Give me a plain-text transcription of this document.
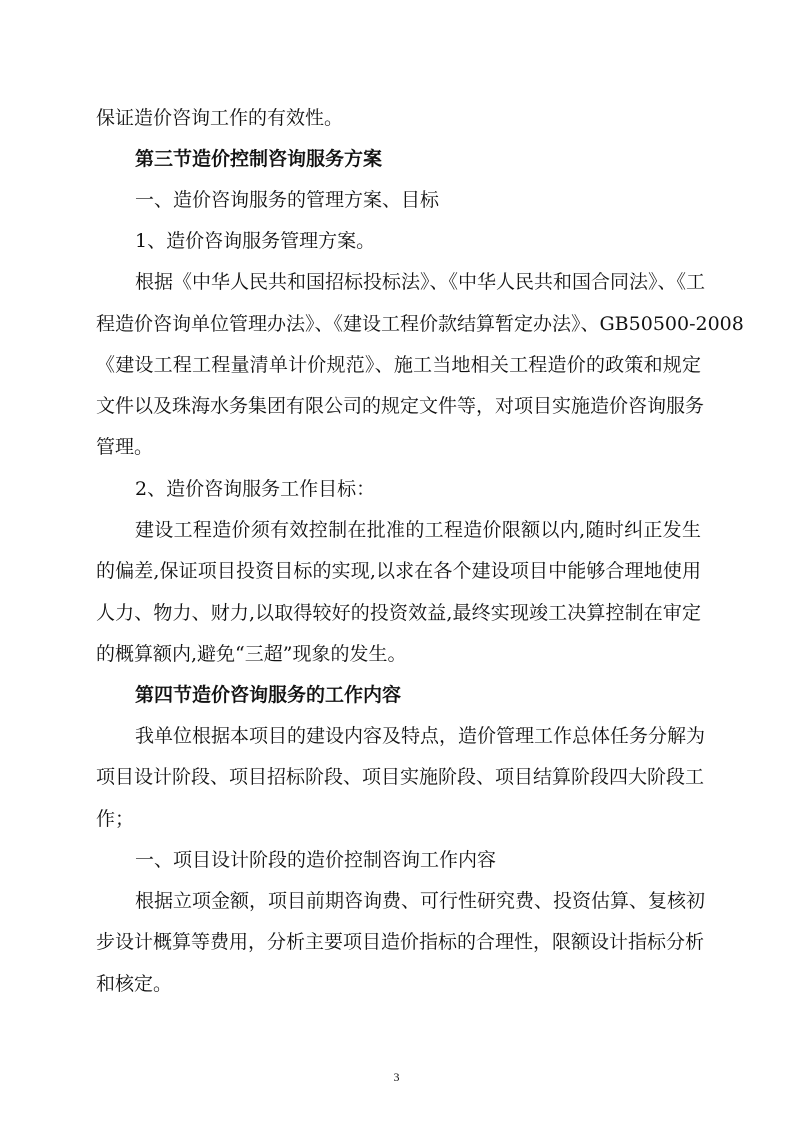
保证造价咨询工作的有效性。
第三节造价控制咨询服务方案
一、造价咨询服务的管理方案、目标
1、造价咨询服务管理方案。
根据《中华人民共和国招标投标法》、《中华人民共和国合同法》、《工
程造价咨询单位管理办法》、《建设工程价款结算暂定办法》、GB50500-2008
《建设工程工程量清单计价规范》、施工当地相关工程造价的政策和规定
文件以及珠海水务集团有限公司的规定文件等，对项目实施造价咨询服务
管理。
2、造价咨询服务工作目标：
建设工程造价须有效控制在批准的工程造价限额以内,随时纠正发生
的偏差,保证项目投资目标的实现,以求在各个建设项目中能够合理地使用
人力、物力、财力,以取得较好的投资效益,最终实现竣工决算控制在审定
的概算额内,避免“三超”现象的发生。
第四节造价咨询服务的工作内容
我单位根据本项目的建设内容及特点，造价管理工作总体任务分解为
项目设计阶段、项目招标阶段、项目实施阶段、项目结算阶段四大阶段工
作；
一、项目设计阶段的造价控制咨询工作内容
根据立项金额，项目前期咨询费、可行性研究费、投资估算、复核初
步设计概算等费用，分析主要项目造价指标的合理性，限额设计指标分析
和核定。
3
